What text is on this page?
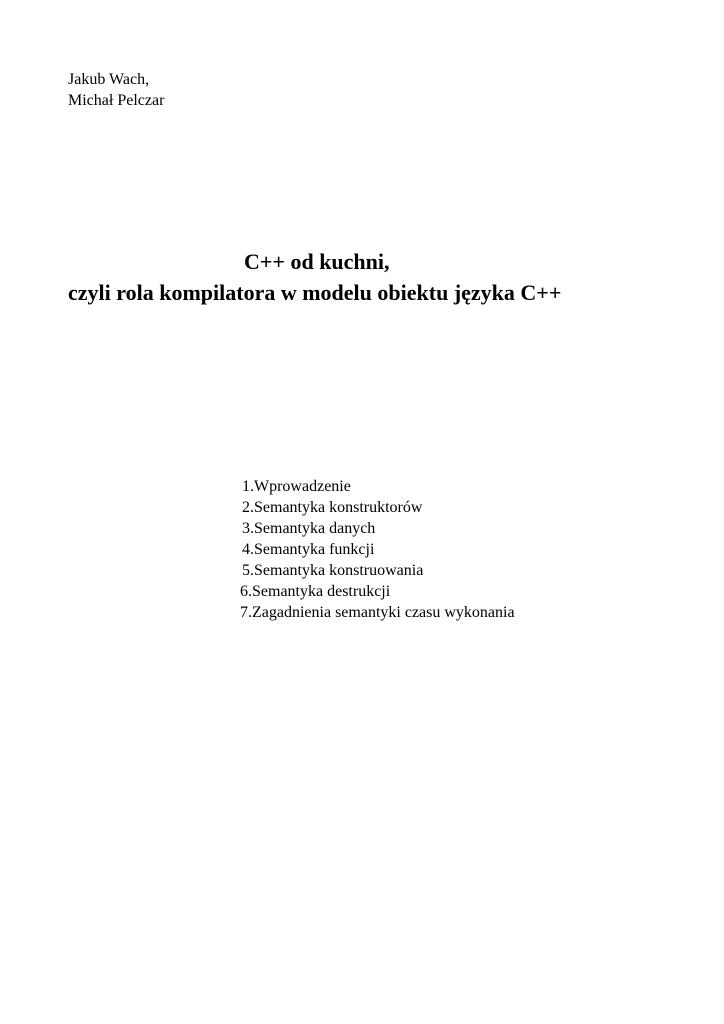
Jakub Wach,
Michał Pelczar
C++ od kuchni,
czyli rola kompilatora w modelu obiektu języka C++
1.Wprowadzenie
2.Semantyka konstruktorów
3.Semantyka danych
4.Semantyka funkcji
5.Semantyka konstruowania
6.Semantyka destrukcji
7.Zagadnienia semantyki czasu wykonania
